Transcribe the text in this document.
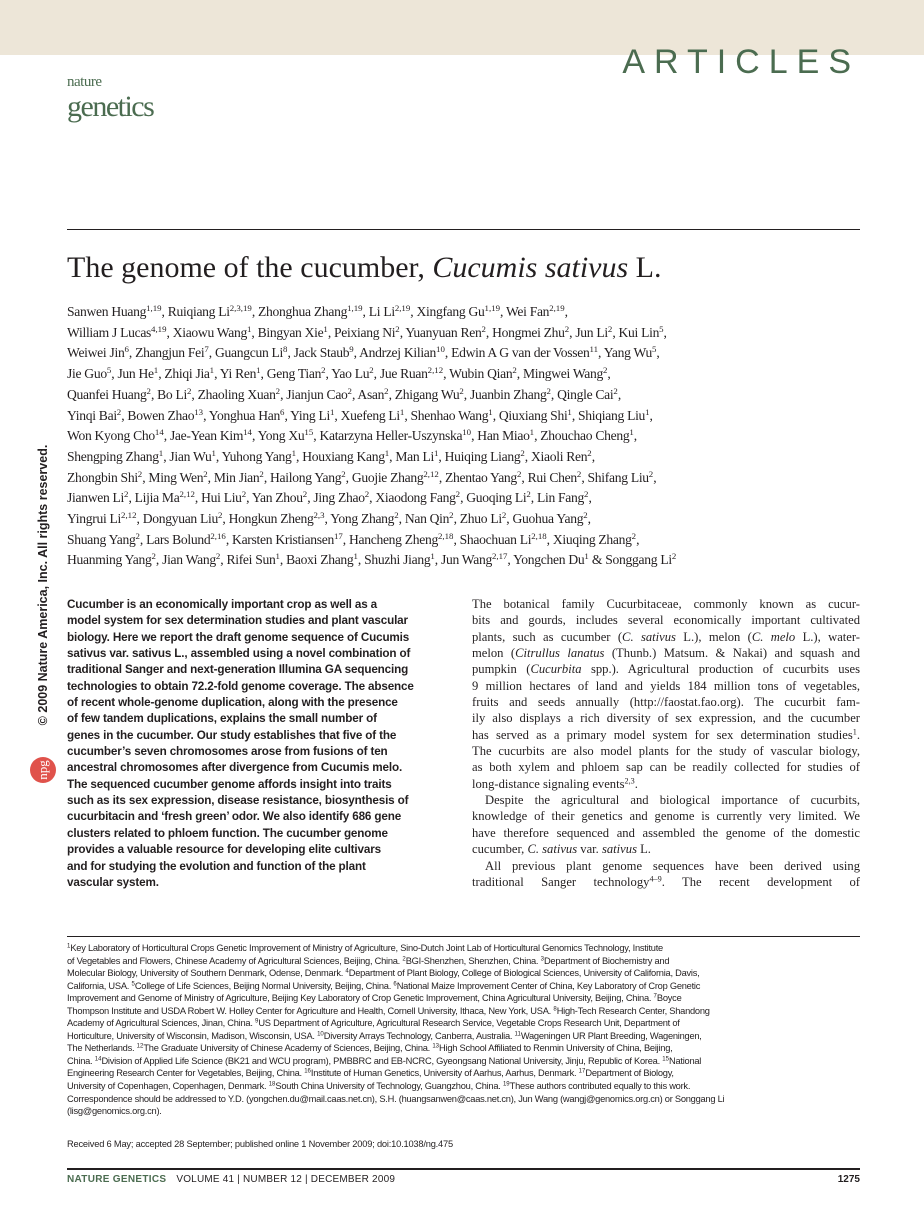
ARTICLES
nature
genetics
© 2009 Nature America, Inc. All rights reserved.
npg
The genome of the cucumber, Cucumis sativus L.
Sanwen Huang$^{1,19}$, Ruiqiang Li$^{2,3,19}$, Zhonghua Zhang$^{1,19}$, Li Li$^{2,19}$, Xingfang Gu$^{1,19}$, Wei Fan$^{2,19}$,
William J Lucas$^{4,19}$, Xiaowu Wang$^1$, Bingyan Xie$^1$, Peixiang Ni$^2$, Yuanyuan Ren$^2$, Hongmei Zhu$^2$, Jun Li$^2$, Kui Lin$^5$,
Weiwei Jin$^6$, Zhangjun Fei$^7$, Guangcun Li$^8$, Jack Staub$^9$, Andrzej Kilian$^{10}$, Edwin A G van der Vossen$^{11}$, Yang Wu$^5$,
Jie Guo$^5$, Jun He$^1$, Zhiqi Jia$^1$, Yi Ren$^1$, Geng Tian$^2$, Yao Lu$^2$, Jue Ruan$^{2,12}$, Wubin Qian$^2$, Mingwei Wang$^2$,
Quanfei Huang$^2$, Bo Li$^2$, Zhaoling Xuan$^2$, Jianjun Cao$^2$, Asan$^2$, Zhigang Wu$^2$, Juanbin Zhang$^2$, Qingle Cai$^2$,
Yinqi Bai$^2$, Bowen Zhao$^{13}$, Yonghua Han$^6$, Ying Li$^1$, Xuefeng Li$^1$, Shenhao Wang$^1$, Qiuxiang Shi$^1$, Shiqiang Liu$^1$,
Won Kyong Cho$^{14}$, Jae-Yean Kim$^{14}$, Yong Xu$^{15}$, Katarzyna Heller-Uszynska$^{10}$, Han Miao$^1$, Zhouchao Cheng$^1$,
Shengping Zhang$^1$, Jian Wu$^1$, Yuhong Yang$^1$, Houxiang Kang$^1$, Man Li$^1$, Huiqing Liang$^2$, Xiaoli Ren$^2$,
Zhongbin Shi$^2$, Ming Wen$^2$, Min Jian$^2$, Hailong Yang$^2$, Guojie Zhang$^{2,12}$, Zhentao Yang$^2$, Rui Chen$^2$, Shifang Liu$^2$,
Jianwen Li$^2$, Lijia Ma$^{2,12}$, Hui Liu$^2$, Yan Zhou$^2$, Jing Zhao$^2$, Xiaodong Fang$^2$, Guoqing Li$^2$, Lin Fang$^2$,
Yingrui Li$^{2,12}$, Dongyuan Liu$^2$, Hongkun Zheng$^{2,3}$, Yong Zhang$^2$, Nan Qin$^2$, Zhuo Li$^2$, Guohua Yang$^2$,
Shuang Yang$^2$, Lars Bolund$^{2,16}$, Karsten Kristiansen$^{17}$, Hancheng Zheng$^{2,18}$, Shaochuan Li$^{2,18}$, Xiuqing Zhang$^2$,
Huanming Yang$^2$, Jian Wang$^2$, Rifei Sun$^1$, Baoxi Zhang$^1$, Shuzhi Jiang$^1$, Jun Wang$^{2,17}$, Yongchen Du$^1$ & Songgang Li$^2$
Cucumber is an economically important crop as well as a
model system for sex determination studies and plant vascular
biology. Here we report the draft genome sequence of Cucumis
sativus var. sativus L., assembled using a novel combination of
traditional Sanger and next-generation Illumina GA sequencing
technologies to obtain 72.2-fold genome coverage. The absence
of recent whole-genome duplication, along with the presence
of few tandem duplications, explains the small number of
genes in the cucumber. Our study establishes that five of the
cucumber’s seven chromosomes arose from fusions of ten
ancestral chromosomes after divergence from Cucumis melo.
The sequenced cucumber genome affords insight into traits
such as its sex expression, disease resistance, biosynthesis of
cucurbitacin and ‘fresh green’ odor. We also identify 686 gene
clusters related to phloem function. The cucumber genome
provides a valuable resource for developing elite cultivars
and for studying the evolution and function of the plant
vascular system.
The botanical family Cucurbitaceae, commonly known as cucur-
bits and gourds, includes several economically important cultivated
plants, such as cucumber (C. sativus L.), melon (C. melo L.), water-
melon (Citrullus lanatus (Thunb.) Matsum. & Nakai) and squash and
pumpkin (Cucurbita spp.). Agricultural production of cucurbits uses
9 million hectares of land and yields 184 million tons of vegetables,
fruits and seeds annually (http://faostat.fao.org). The cucurbit fam-
ily also displays a rich diversity of sex expression, and the cucumber
has served as a primary model system for sex determination studies$^1$.
The cucurbits are also model plants for the study of vascular biology,
as both xylem and phloem sap can be readily collected for studies of
long-distance signaling events$^{2,3}$.
Despite the agricultural and biological importance of cucurbits,
knowledge of their genetics and genome is currently very limited. We
have therefore sequenced and assembled the genome of the domestic
cucumber, C. sativus var. sativus L.
All previous plant genome sequences have been derived using
traditional Sanger technology$^{4-9}$. The recent development of
$^1$Key Laboratory of Horticultural Crops Genetic Improvement of Ministry of Agriculture, Sino-Dutch Joint Lab of Horticultural Genomics Technology, Institute
of Vegetables and Flowers, Chinese Academy of Agricultural Sciences, Beijing, China. $^2$BGI-Shenzhen, Shenzhen, China. $^3$Department of Biochemistry and
Molecular Biology, University of Southern Denmark, Odense, Denmark. $^4$Department of Plant Biology, College of Biological Sciences, University of California, Davis,
California, USA. $^5$College of Life Sciences, Beijing Normal University, Beijing, China. $^6$National Maize Improvement Center of China, Key Laboratory of Crop Genetic
Improvement and Genome of Ministry of Agriculture, Beijing Key Laboratory of Crop Genetic Improvement, China Agricultural University, Beijing, China. $^7$Boyce
Thompson Institute and USDA Robert W. Holley Center for Agriculture and Health, Cornell University, Ithaca, New York, USA. $^8$High-Tech Research Center, Shandong
Academy of Agricultural Sciences, Jinan, China. $^9$US Department of Agriculture, Agricultural Research Service, Vegetable Crops Research Unit, Department of
Horticulture, University of Wisconsin, Madison, Wisconsin, USA. $^{10}$Diversity Arrays Technology, Canberra, Australia. $^{11}$Wageningen UR Plant Breeding, Wageningen,
The Netherlands. $^{12}$The Graduate University of Chinese Academy of Sciences, Beijing, China. $^{13}$High School Affiliated to Renmin University of China, Beijing,
China. $^{14}$Division of Applied Life Science (BK21 and WCU program), PMBBRC and EB-NCRC, Gyeongsang National University, Jinju, Republic of Korea. $^{15}$National
Engineering Research Center for Vegetables, Beijing, China. $^{16}$Institute of Human Genetics, University of Aarhus, Aarhus, Denmark. $^{17}$Department of Biology,
University of Copenhagen, Copenhagen, Denmark. $^{18}$South China University of Technology, Guangzhou, China. $^{19}$These authors contributed equally to this work.
Correspondence should be addressed to Y.D. (yongchen.du@mail.caas.net.cn), S.H. (huangsanwen@caas.net.cn), Jun Wang (wangj@genomics.org.cn) or Songgang Li
(lisg@genomics.org.cn).
Received 6 May; accepted 28 September; published online 1 November 2009; doi:10.1038/ng.475
NATURE GENETICS VOLUME 41 | NUMBER 12 | DECEMBER 2009	1275
